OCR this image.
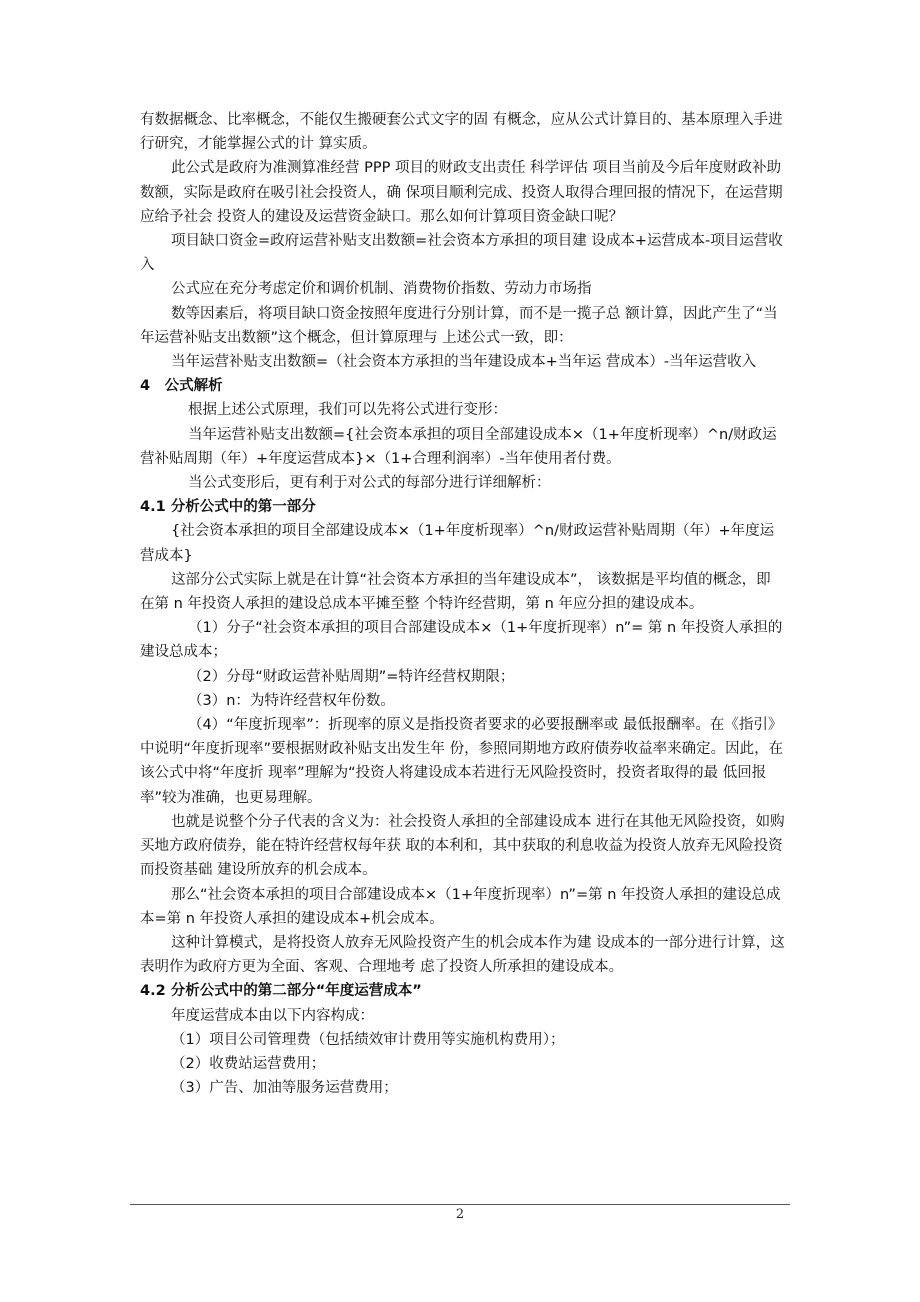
有数据概念、比率概念，不能仅生搬硬套公式文字的固 有概念，应从公式计算目的、基本原理入手进行研究，才能掌握公式的计 算实质。

此公式是政府为准测算准经营 PPP 项目的财政支出责任 科学评估 项目当前及今后年度财政补助数额，实际是政府在吸引社会投资人，确 保项目顺利完成、投资人取得合理回报的情况下，在运营期应给予社会 投资人的建设及运营资金缺口。那么如何计算项目资金缺口呢？

项目缺口资金=政府运营补贴支出数额=社会资本方承担的项目建 设成本+运营成本-项目运营收入

公式应在充分考虑定价和调价机制、消费物价指数、劳动力市场指

数等因素后，将项目缺口资金按照年度进行分别计算，而不是一揽子总 额计算，因此产生了“当年运营补贴支出数额”这个概念，但计算原理与 上述公式一致，即：

当年运营补贴支出数额=（社会资本方承担的当年建设成本+当年运 营成本）-当年运营收入

4　公式解析

根据上述公式原理，我们可以先将公式进行变形：

当年运营补贴支出数额={社会资本承担的项目全部建设成本×（1+年度析现率）^n/财政运营补贴周期（年）+年度运营成本}×（1+合理利润率）-当年使用者付费。

当公式变形后，更有利于对公式的每部分进行详细解析：

4.1 分析公式中的第一部分

{社会资本承担的项目全部建设成本×（1+年度析现率）^n/财政运营补贴周期（年）+年度运营成本}

这部分公式实际上就是在计算“社会资本方承担的当年建设成本”， 该数据是平均值的概念，即在第 n 年投资人承担的建设总成本平摊至整 个特许经营期，第 n 年应分担的建设成本。

（1）分子“社会资本承担的项目合部建设成本×（1+年度折现率）n”= 第 n 年投资人承担的建设总成本；

（2）分母“财政运营补贴周期”=特许经营权期限；

（3）n：为特许经营权年份数。

（4）“年度折现率”：折现率的原义是指投资者要求的必要报酬率或 最低报酬率。在《指引》中说明“年度折现率”要根据财政补贴支出发生年 份，参照同期地方政府债券收益率来确定。因此，在该公式中将“年度折 现率”理解为“投资人将建设成本若进行无风险投资时，投资者取得的最 低回报率”较为准确，也更易理解。

也就是说整个分子代表的含义为：社会投资人承担的全部建设成本 进行在其他无风险投资，如购买地方政府债券，能在特许经营权每年获 取的本利和，其中获取的利息收益为投资人放弃无风险投资而投资基础 建设所放弃的机会成本。

那么“社会资本承担的项目合部建设成本×（1+年度折现率）n”=第 n 年投资人承担的建设总成本=第 n 年投资人承担的建设成本+机会成本。

这种计算模式，是将投资人放弃无风险投资产生的机会成本作为建 设成本的一部分进行计算，这表明作为政府方更为全面、客观、合理地考 虑了投资人所承担的建设成本。

4.2 分析公式中的第二部分“年度运营成本”

年度运营成本由以下内容构成：

（1）项目公司管理费（包括绩效审计费用等实施机构费用）；

（2）收费站运营费用；

（3）广告、加油等服务运营费用；

2
